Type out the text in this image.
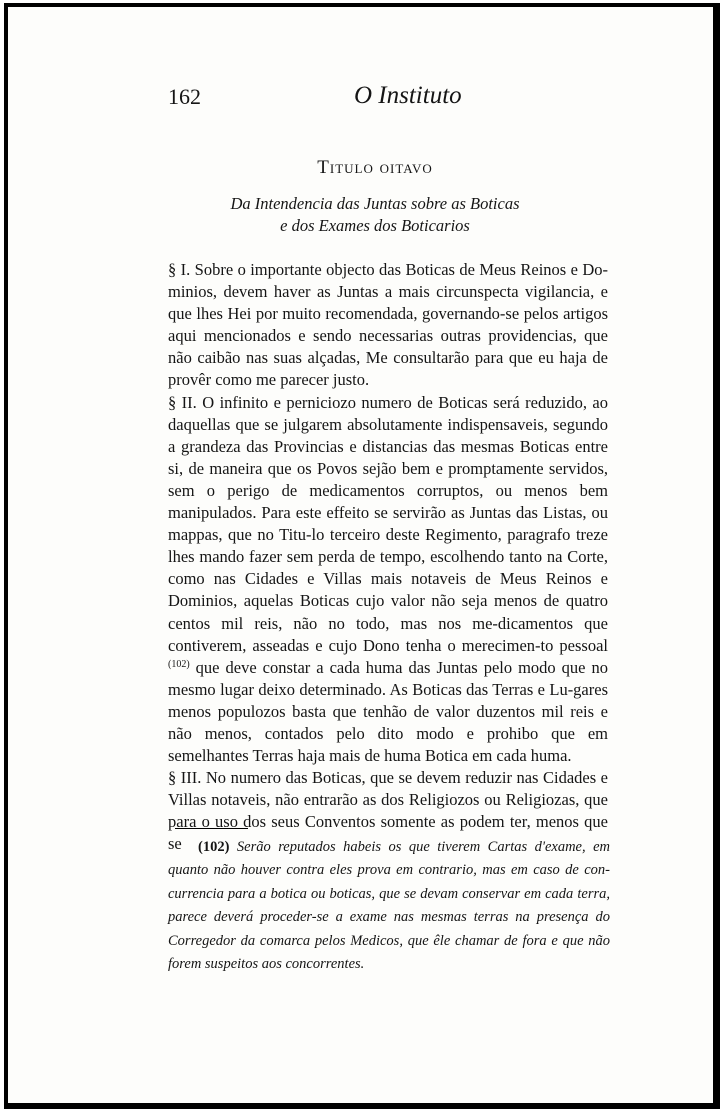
162	O Instituto
Titulo oitavo
Da Intendencia das Juntas sobre as Boticas
e dos Exames dos Boticarios

§ I. Sobre o importante objecto das Boticas de Meus Reinos e Do-minios, devem haver as Juntas a mais circunspecta vigilancia, e que lhes Hei por muito recomendada, governando-se pelos artigos aqui mencionados e sendo necessarias outras providencias, que não caibão nas suas alçadas, Me consultarão para que eu haja de provêr como me parecer justo.

§ II. O infinito e perniciozo numero de Boticas será reduzido, ao daquellas que se julgarem absolutamente indispensaveis, segundo a grandeza das Provincias e distancias das mesmas Boticas entre si, de maneira que os Povos sejão bem e promptamente servidos, sem o perigo de medicamentos corruptos, ou menos bem manipulados. Para este effeito se servirão as Juntas das Listas, ou mappas, que no Titu-lo terceiro deste Regimento, paragrafo treze lhes mando fazer sem perda de tempo, escolhendo tanto na Corte, como nas Cidades e Villas mais notaveis de Meus Reinos e Dominios, aquelas Boticas cujo valor não seja menos de quatro centos mil reis, não no todo, mas nos me-dicamentos que contiverem, asseadas e cujo Dono tenha o merecimen-to pessoal $^{(102)}$ que deve constar a cada huma das Juntas pelo modo que no mesmo lugar deixo determinado. As Boticas das Terras e Lu-gares menos populozos basta que tenhão de valor duzentos mil reis e não menos, contados pelo dito modo e prohibo que em semelhantes Terras haja mais de huma Botica em cada huma.

§ III. No numero das Boticas, que se devem reduzir nas Cidades e Villas notaveis, não entrarão as dos Religiozos ou Religiozas, que para o uso dos seus Conventos somente as podem ter, menos que se	(102) Serão reputados habeis os que tiverem Cartas d'exame, em quanto não houver contra eles prova em contrario, mas em caso de con-currencia para a botica ou boticas, que se devam conservar em cada terra, parece deverá proceder-se a exame nas mesmas terras na presença do Corregedor da comarca pelos Medicos, que êle chamar de fora e que não forem suspeitos aos concorrentes.
